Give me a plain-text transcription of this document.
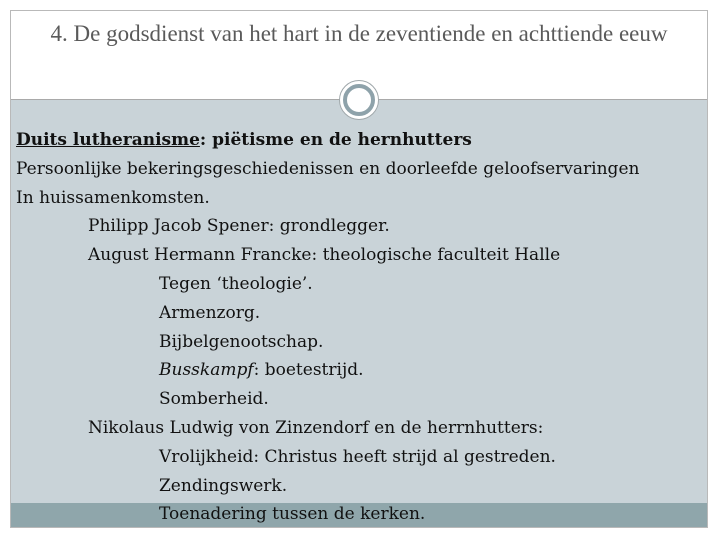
4. De godsdienst van het hart in de zeventiende en achttiende eeuw
Duits lutheranisme: piëtisme en de hernhutters
Persoonlijke bekeringsgeschiedenissen en doorleefde geloofservaringen
In huissamenkomsten.
Philipp Jacob Spener: grondlegger.
August Hermann Francke: theologische faculteit Halle
Tegen ‘theologie’.
Armenzorg.
Bijbelgenootschap.
Busskampf: boetestrijd.
Somberheid.
Nikolaus Ludwig von Zinzendorf en de herrnhutters:
Vrolijkheid: Christus heeft strijd al gestreden.
Zendingswerk.
Toenadering tussen de kerken.
